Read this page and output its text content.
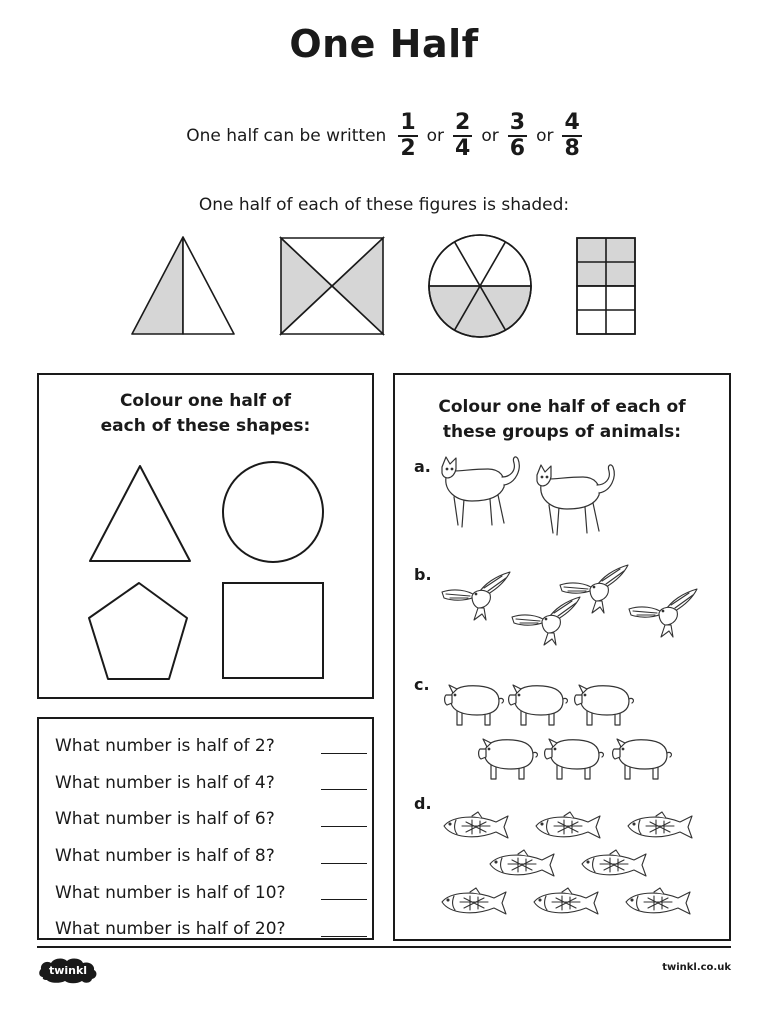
One Half
One half can be written $\frac{1}{2}$ or $\frac{2}{4}$ or $\frac{3}{6}$ or $\frac{4}{8}$
One half of each of these figures is shaded:
Colour one half of
each of these shapes:
What number is half of 2?
What number is half of 4?
What number is half of 6?
What number is half of 8?
What number is half of 10?
What number is half of 20?
Colour one half of each of
these groups of animals:
a.
b.
c.
d.
twinkl	twinkl.co.uk
